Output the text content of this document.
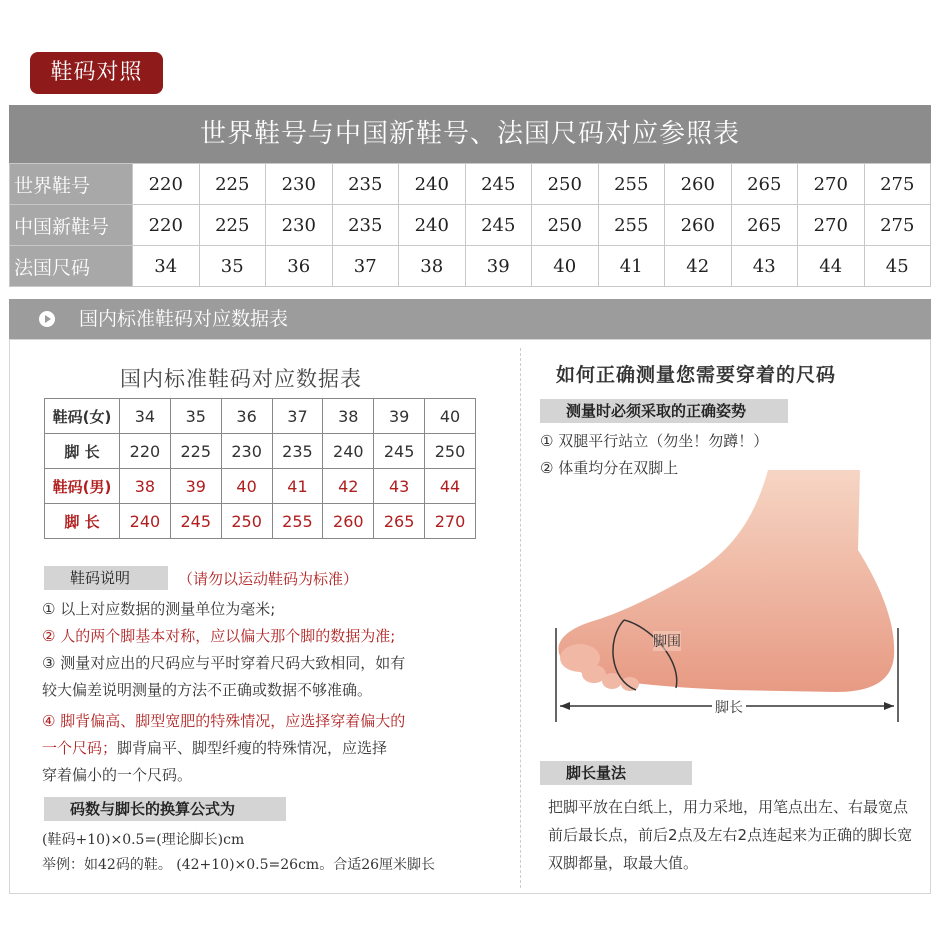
鞋码对照
世界鞋号与中国新鞋号、法国尺码对应参照表
世界鞋号	220	225	230	235	240	245	250	255	260	265	270	275
中国新鞋号	220	225	230	235	240	245	250	255	260	265	270	275
法国尺码	34	35	36	37	38	39	40	41	42	43	44	45
国内标准鞋码对应数据表
国内标准鞋码对应数据表
鞋码(女)	34	35	36	37	38	39	40
脚 长	220	225	230	235	240	245	250
鞋码(男)	38	39	40	41	42	43	44
脚 长	240	245	250	255	260	265	270
鞋码说明	（请勿以运动鞋码为标准）
① 以上对应数据的测量单位为毫米;
② 人的两个脚基本对称，应以偏大那个脚的数据为准;
③ 测量对应出的尺码应与平时穿着尺码大致相同，如有
较大偏差说明测量的方法不正确或数据不够准确。
④ 脚背偏高、脚型宽肥的特殊情况，应选择穿着偏大的
一个尺码；脚背扁平、脚型纤瘦的特殊情况，应选择
穿着偏小的一个尺码。
码数与脚长的换算公式为
(鞋码+10)×0.5=(理论脚长)cm
举例：如42码的鞋。 (42+10)×0.5=26cm。合适26厘米脚长
如何正确测量您需要穿着的尺码
测量时必须采取的正确姿势
① 双腿平行站立（勿坐！勿蹲！）
② 体重均分在双脚上
脚围
脚长
脚长量法
把脚平放在白纸上，用力采地，用笔点出左、右最宽点前后最长点，前后2点及左右2点连起来为正确的脚长宽双脚都量，取最大值。
